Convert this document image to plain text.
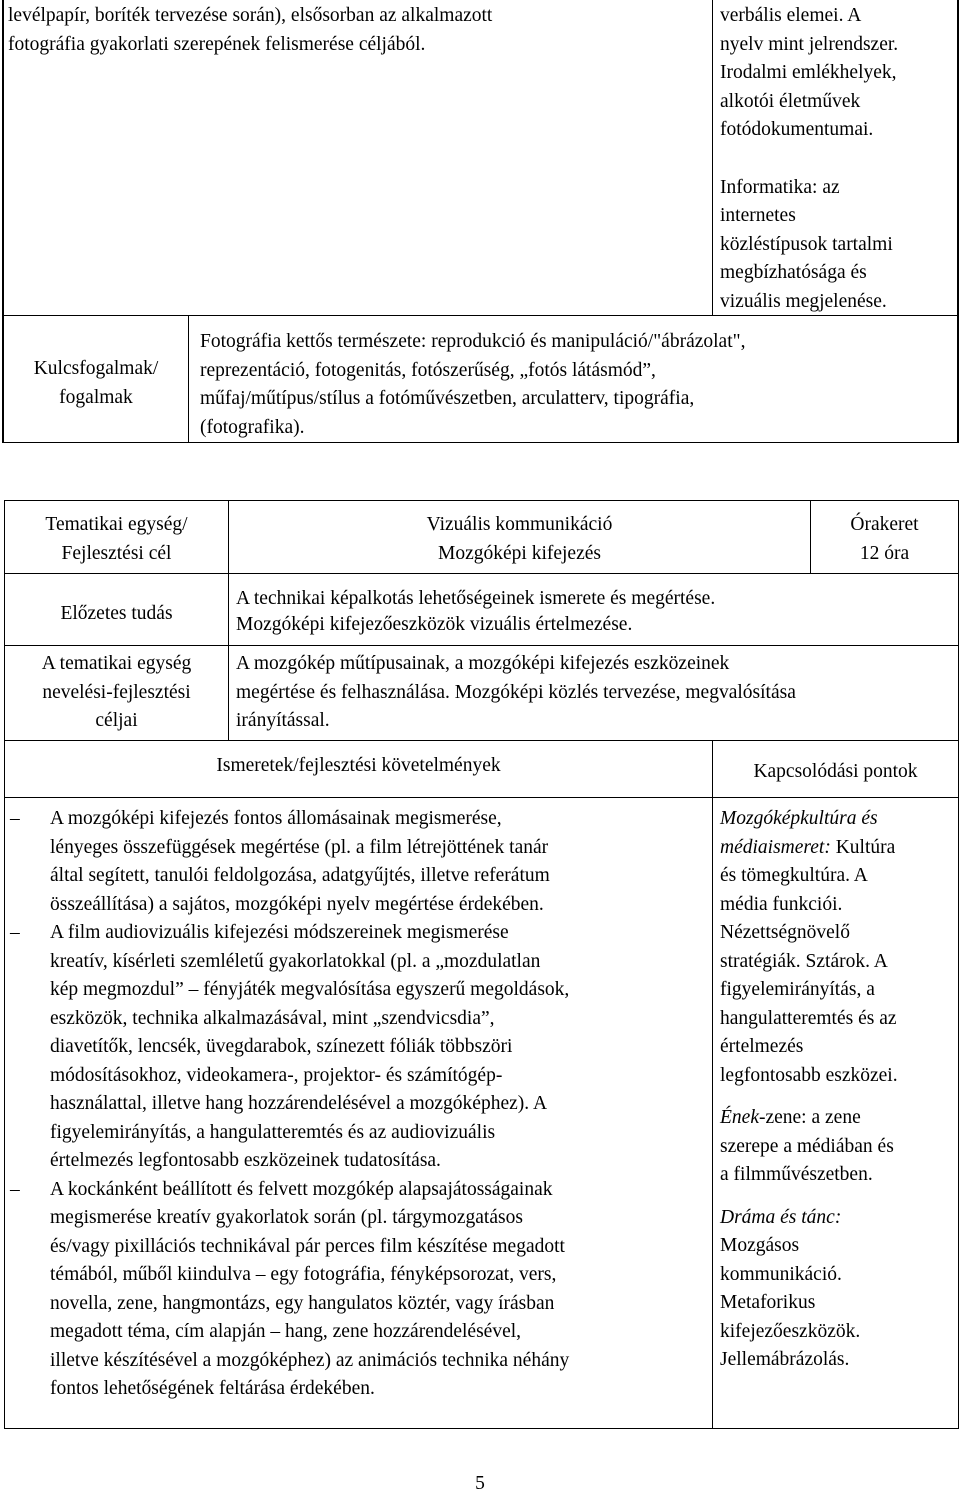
levélpapír, boríték tervezése során), elsősorban az alkalmazott
fotográfia gyakorlati szerepének felismerése céljából.
verbális elemei. A
nyelv mint jelrendszer.
Irodalmi emlékhelyek,
alkotói életművek
fotódokumentumai.
Informatika: az
internetes
közléstípusok tartalmi
megbízhatósága és
vizuális megjelenése.
Kulcsfogalmak/
fogalmak
Fotográfia kettős természete: reprodukció és manipuláció/"ábrázolat",
reprezentáció, fotogenitás, fotószerűség, „fotós látásmód”,
műfaj/műtípus/stílus a fotóművészetben, arculatterv, tipográfia,
(fotografika).
Tematikai egység/
Fejlesztési cél
Vizuális kommunikáció
Mozgóképi kifejezés
Órakeret
12 óra
Előzetes tudás
A technikai képalkotás lehetőségeinek ismerete és megértése.
Mozgóképi kifejezőeszközök vizuális értelmezése.
A tematikai egység
nevelési-fejlesztési
céljai
A mozgókép műtípusainak, a mozgóképi kifejezés eszközeinek
megértése és felhasználása. Mozgóképi közlés tervezése, megvalósítása
irányítással.
Ismeretek/fejlesztési követelmények	Kapcsolódási pontok
– A mozgóképi kifejezés fontos állomásainak megismerése,
lényeges összefüggések megértése (pl. a film létrejöttének tanár
által segített, tanulói feldolgozása, adatgyűjtés, illetve referátum
összeállítása) a sajátos, mozgóképi nyelv megértése érdekében.
– A film audiovizuális kifejezési módszereinek megismerése
kreatív, kísérleti szemléletű gyakorlatokkal (pl. a „mozdulatlan
kép megmozdul” – fényjáték megvalósítása egyszerű megoldások,
eszközök, technika alkalmazásával, mint „szendvicsdia”,
diavetítők, lencsék, üvegdarabok, színezett fóliák többszöri
módosításokhoz, videokamera-, projektor- és számítógép-
használattal, illetve hang hozzárendelésével a mozgóképhez). A
figyelemirányítás, a hangulatteremtés és az audiovizuális
értelmezés legfontosabb eszközeinek tudatosítása.
– A kockánként beállított és felvett mozgókép alapsajátosságainak
megismerése kreatív gyakorlatok során (pl. tárgymozgatásos
és/vagy pixillációs technikával pár perces film készítése megadott
témából, műből kiindulva – egy fotográfia, fényképsorozat, vers,
novella, zene, hangmontázs, egy hangulatos köztér, vagy írásban
megadott téma, cím alapján – hang, zene hozzárendelésével,
illetve készítésével a mozgóképhez) az animációs technika néhány
fontos lehetőségének feltárása érdekében.
Mozgóképkultúra és
médiaismeret: Kultúra
és tömegkultúra. A
média funkciói.
Nézettségnövelő
stratégiák. Sztárok. A
figyelemirányítás, a
hangulatteremtés és az
értelmezés
legfontosabb eszközei.
Ének-zene: a zene
szerepe a médiában és
a filmművészetben.
Dráma és tánc:
Mozgásos
kommunikáció.
Metaforikus
kifejezőeszközök.
Jellemábrázolás.
5
